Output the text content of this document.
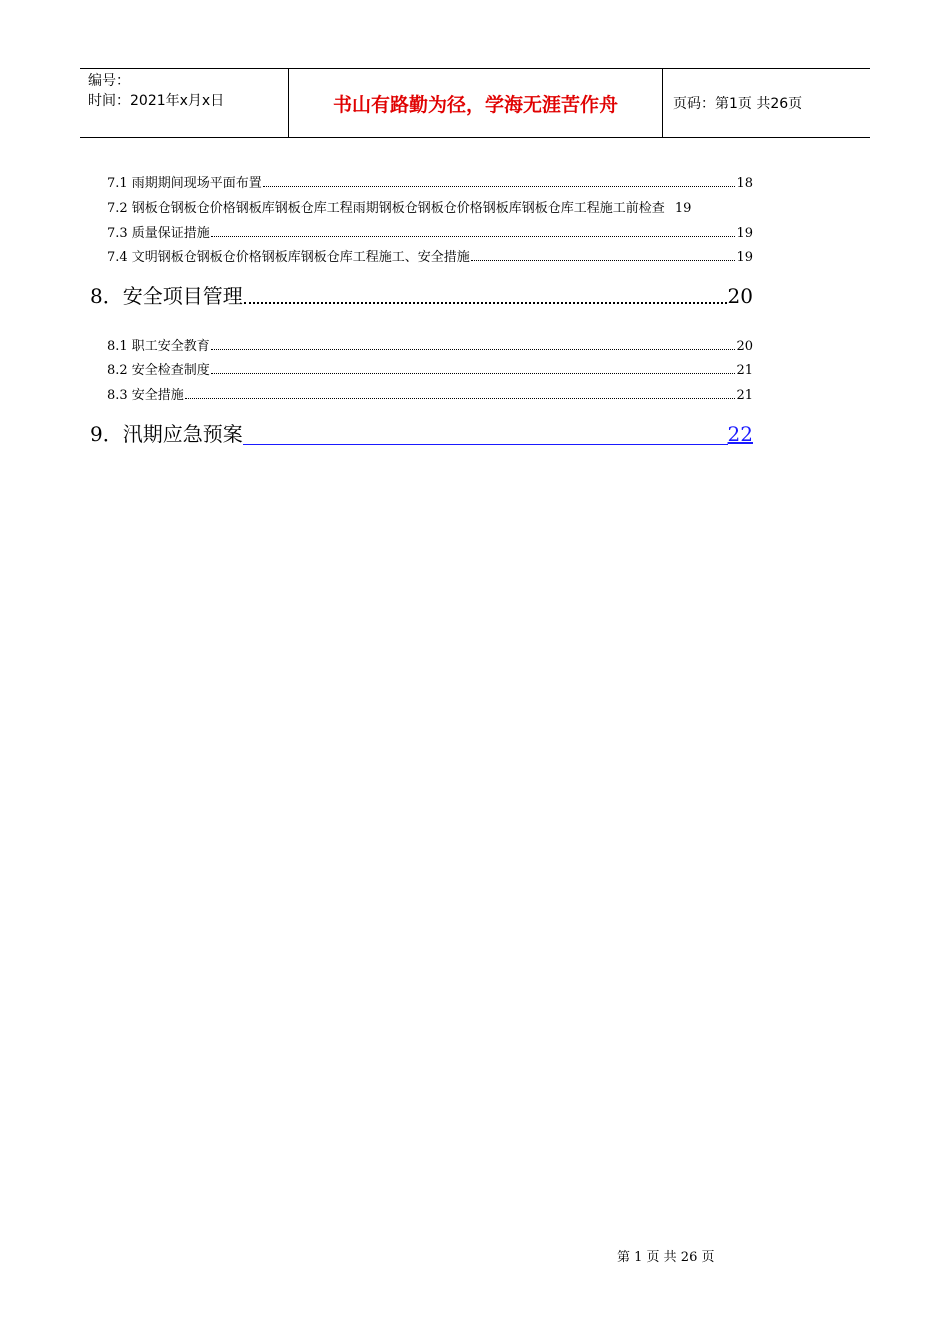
编号：
时间：2021年x月x日	书山有路勤为径，学海无涯苦作舟	页码：第1页 共26页
7.1 雨期期间现场平面布置	18
7.2 钢板仓钢板仓价格钢板库钢板仓库工程雨期钢板仓钢板仓价格钢板库钢板仓库工程施工前检查 19
7.3 质量保证措施	19
7.4 文明钢板仓钢板仓价格钢板库钢板仓库工程施工、安全措施	19
8．安全项目管理	20
8.1 职工安全教育	20
8.2 安全检查制度	21
8.3 安全措施	21
9．汛期应急预案	22
第 1 页 共 26 页
